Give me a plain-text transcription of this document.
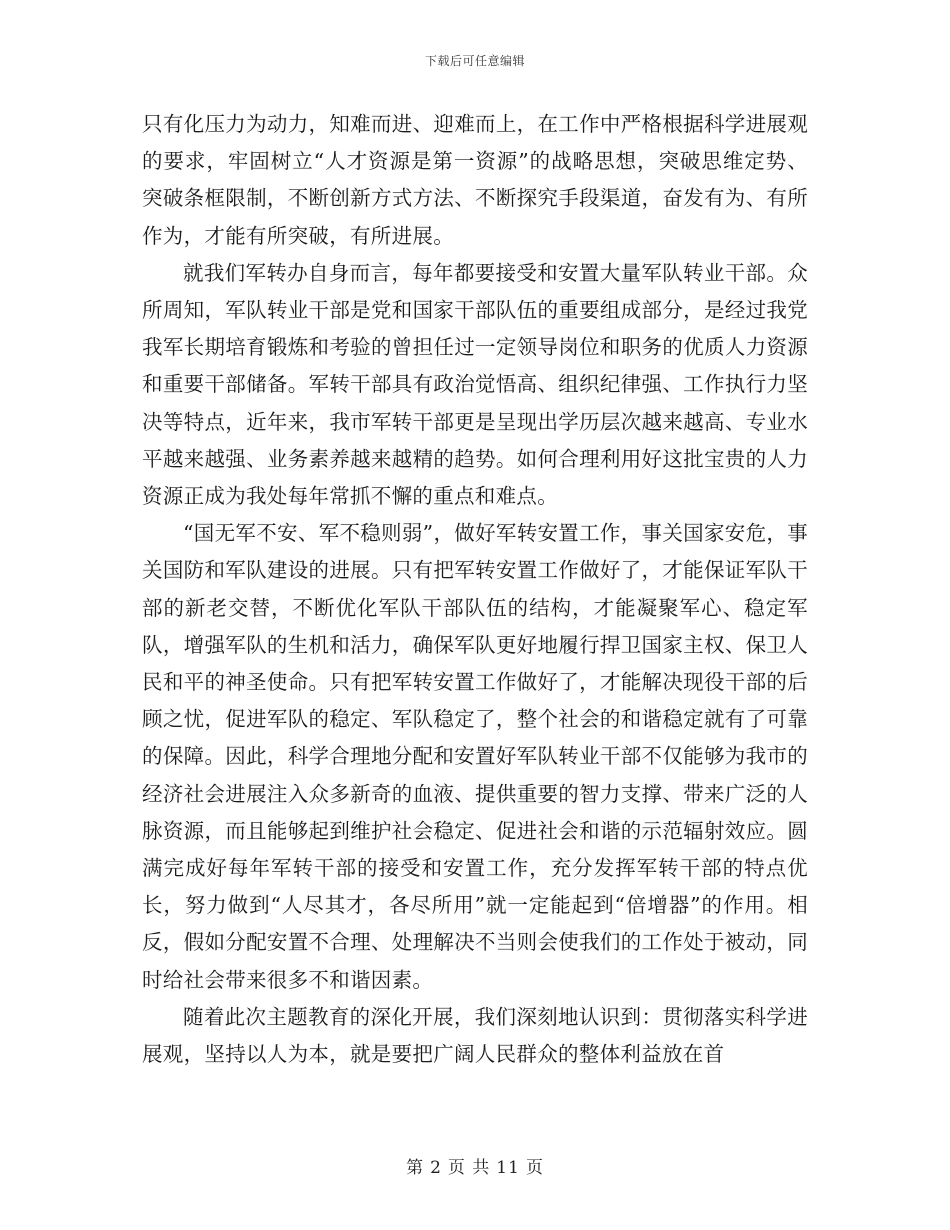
下载后可任意编辑

只有化压力为动力，知难而进、迎难而上，在工作中严格根据科学进展观的要求，牢固树立“人才资源是第一资源”的战略思想，突破思维定势、突破条框限制，不断创新方式方法、不断探究手段渠道，奋发有为、有所作为，才能有所突破，有所进展。

就我们军转办自身而言，每年都要接受和安置大量军队转业干部。众所周知，军队转业干部是党和国家干部队伍的重要组成部分，是经过我党我军长期培育锻炼和考验的曾担任过一定领导岗位和职务的优质人力资源和重要干部储备。军转干部具有政治觉悟高、组织纪律强、工作执行力坚决等特点，近年来，我市军转干部更是呈现出学历层次越来越高、专业水平越来越强、业务素养越来越精的趋势。如何合理利用好这批宝贵的人力资源正成为我处每年常抓不懈的重点和难点。

“国无军不安、军不稳则弱”，做好军转安置工作，事关国家安危，事关国防和军队建设的进展。只有把军转安置工作做好了，才能保证军队干部的新老交替，不断优化军队干部队伍的结构，才能凝聚军心、稳定军队，增强军队的生机和活力，确保军队更好地履行捍卫国家主权、保卫人民和平的神圣使命。只有把军转安置工作做好了，才能解决现役干部的后顾之忧，促进军队的稳定、军队稳定了，整个社会的和谐稳定就有了可靠的保障。因此，科学合理地分配和安置好军队转业干部不仅能够为我市的经济社会进展注入众多新奇的血液、提供重要的智力支撑、带来广泛的人脉资源，而且能够起到维护社会稳定、促进社会和谐的示范辐射效应。圆满完成好每年军转干部的接受和安置工作，充分发挥军转干部的特点优长，努力做到“人尽其才，各尽所用”就一定能起到“倍增器”的作用。相反，假如分配安置不合理、处理解决不当则会使我们的工作处于被动，同时给社会带来很多不和谐因素。

随着此次主题教育的深化开展，我们深刻地认识到：贯彻落实科学进展观，坚持以人为本，就是要把广阔人民群众的整体利益放在首

第 2 页 共 11 页
